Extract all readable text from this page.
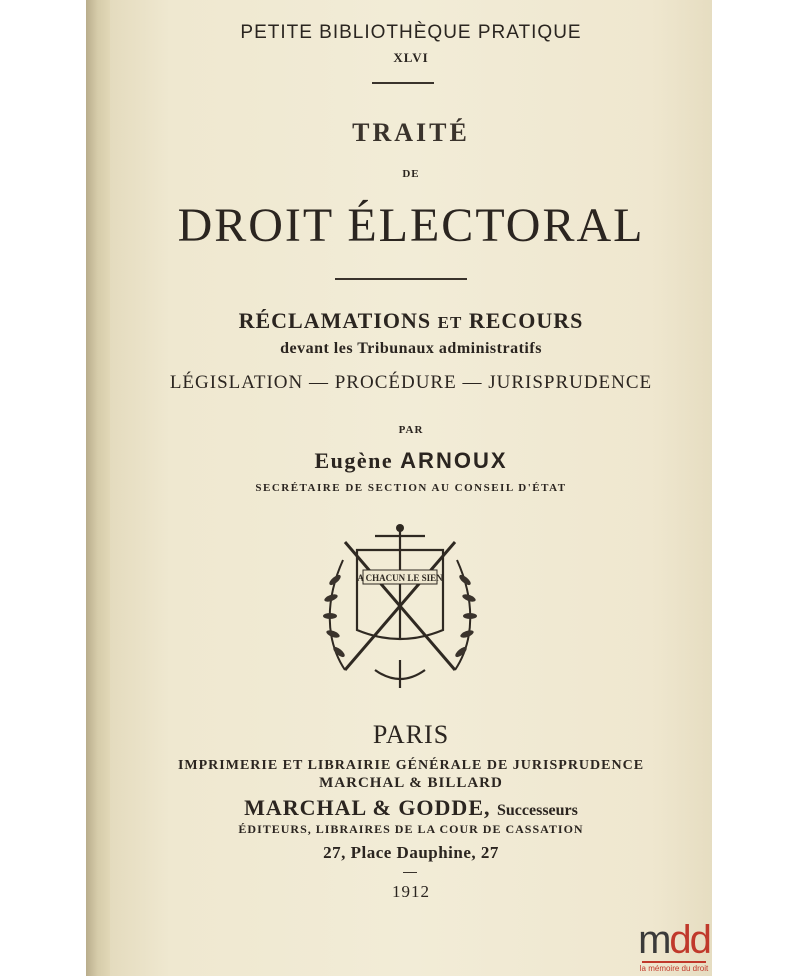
PETITE BIBLIOTHÈQUE PRATIQUE
XLVI
TRAITÉ
DE
DROIT ÉLECTORAL
RÉCLAMATIONS ET RECOURS
devant les Tribunaux administratifs
LÉGISLATION — PROCÉDURE — JURISPRUDENCE
PAR
Eugène ARNOUX
SECRÉTAIRE DE SECTION AU CONSEIL D'ÉTAT
A CHACUN LE SIEN
PARIS
IMPRIMERIE ET LIBRAIRIE GÉNÉRALE DE JURISPRUDENCE
MARCHAL & BILLARD
MARCHAL & GODDE, Successeurs
ÉDITEURS, LIBRAIRES DE LA COUR DE CASSATION
27, Place Dauphine, 27
1912
mdd
la mémoire du droit
